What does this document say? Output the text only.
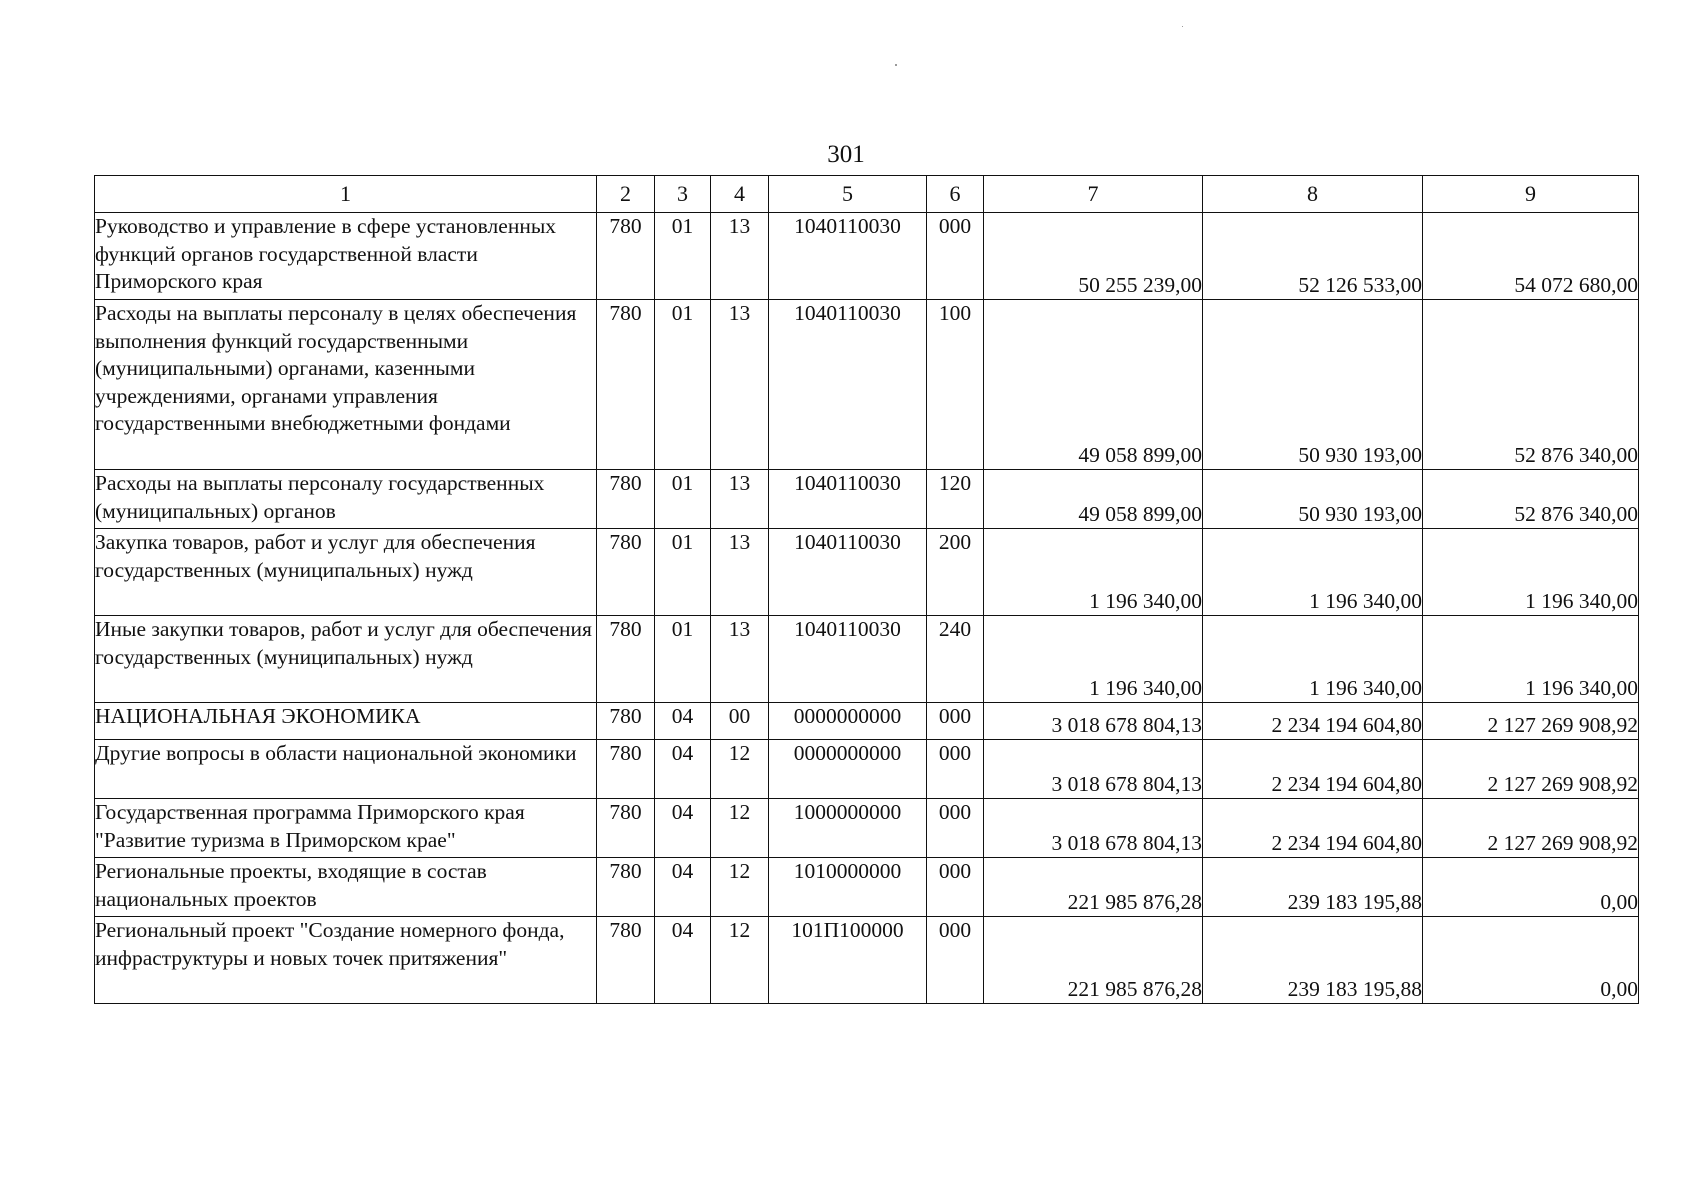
301
1	2	3	4	5	6	7	8	9
Руководство и управление в сфере установленных функций органов государственной власти Приморского края	780	01	13	1040110030	000	50 255 239,00	52 126 533,00	54 072 680,00
Расходы на выплаты персоналу в целях обеспечения выполнения функций государственными (муниципальными) органами, казенными учреждениями, органами управления государственными внебюджетными фондами	780	01	13	1040110030	100	49 058 899,00	50 930 193,00	52 876 340,00
Расходы на выплаты персоналу государственных (муниципальных) органов	780	01	13	1040110030	120	49 058 899,00	50 930 193,00	52 876 340,00
Закупка товаров, работ и услуг для обеспечения государственных (муниципальных) нужд	780	01	13	1040110030	200	1 196 340,00	1 196 340,00	1 196 340,00
Иные закупки товаров, работ и услуг для обеспечения государственных (муниципальных) нужд	780	01	13	1040110030	240	1 196 340,00	1 196 340,00	1 196 340,00
НАЦИОНАЛЬНАЯ ЭКОНОМИКА	780	04	00	0000000000	000	3 018 678 804,13	2 234 194 604,80	2 127 269 908,92
Другие вопросы в области национальной экономики	780	04	12	0000000000	000	3 018 678 804,13	2 234 194 604,80	2 127 269 908,92
Государственная программа Приморского края "Развитие туризма в Приморском крае"	780	04	12	1000000000	000	3 018 678 804,13	2 234 194 604,80	2 127 269 908,92
Региональные проекты, входящие в состав национальных проектов	780	04	12	1010000000	000	221 985 876,28	239 183 195,88	0,00
Региональный проект "Создание номерного фонда, инфраструктуры и новых точек притяжения"	780	04	12	101П100000	000	221 985 876,28	239 183 195,88	0,00
